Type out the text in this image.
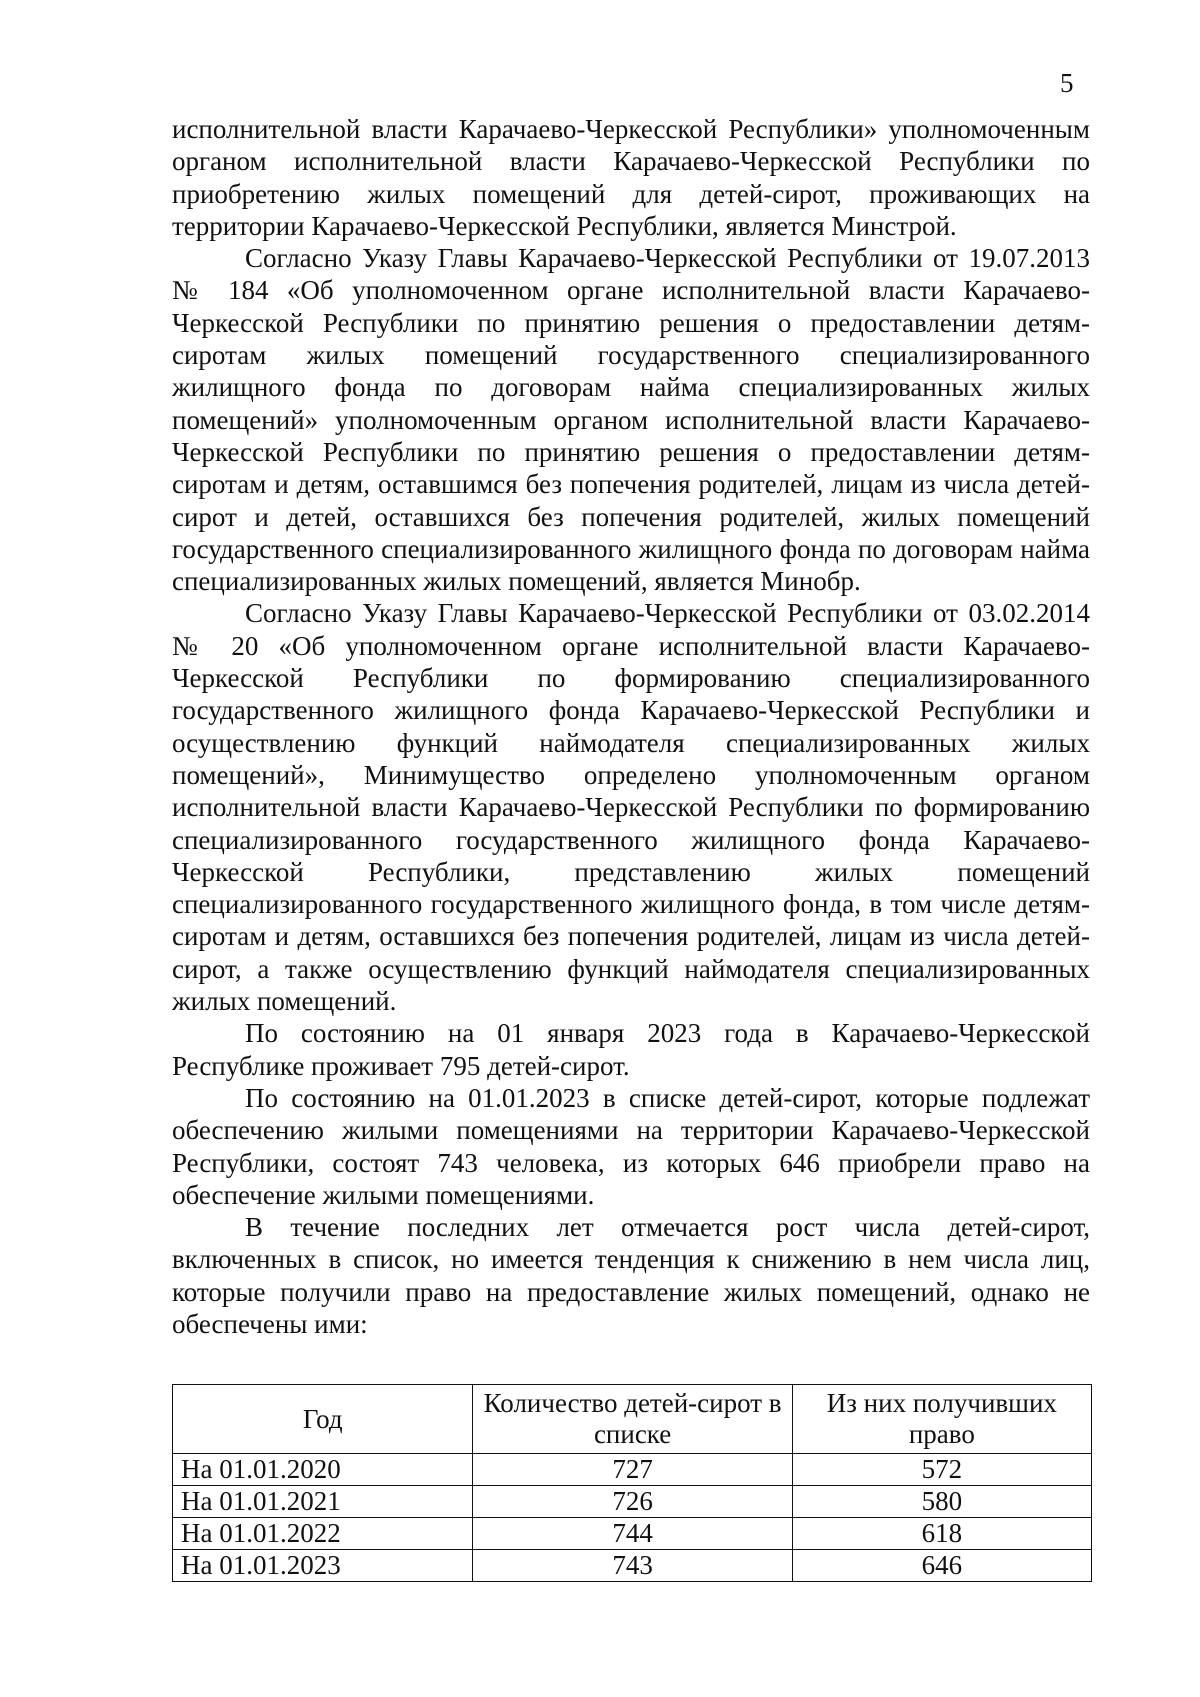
5

исполнительной власти Карачаево-Черкесской Республики» уполномоченным органом исполнительной власти Карачаево-Черкесской Республики по приобретению жилых помещений для детей-сирот, проживающих на территории Карачаево-Черкесской Республики, является Минстрой.

Согласно Указу Главы Карачаево-Черкесской Республики от 19.07.2013 № 184 «Об уполномоченном органе исполнительной власти Карачаево-Черкесской Республики по принятию решения о предоставлении детям-сиротам жилых помещений государственного специализированного жилищного фонда по договорам найма специализированных жилых помещений» уполномоченным органом исполнительной власти Карачаево-Черкесской Республики по принятию решения о предоставлении детям-сиротам и детям, оставшимся без попечения родителей, лицам из числа детей-сирот и детей, оставшихся без попечения родителей, жилых помещений государственного специализированного жилищного фонда по договорам найма специализированных жилых помещений, является Минобр.

Согласно Указу Главы Карачаево-Черкесской Республики от 03.02.2014 № 20 «Об уполномоченном органе исполнительной власти Карачаево-Черкесской Республики по формированию специализированного государственного жилищного фонда Карачаево-Черкесской Республики и осуществлению функций наймодателя специализированных жилых помещений», Минимущество определено уполномоченным органом исполнительной власти Карачаево-Черкесской Республики по формированию специализированного государственного жилищного фонда Карачаево-Черкесской Республики, представлению жилых помещений специализированного государственного жилищного фонда, в том числе детям-сиротам и детям, оставшихся без попечения родителей, лицам из числа детей-сирот, а также осуществлению функций наймодателя специализированных жилых помещений.

По состоянию на 01 января 2023 года в Карачаево-Черкесской Республике проживает 795 детей-сирот.

По состоянию на 01.01.2023 в списке детей-сирот, которые подлежат обеспечению жилыми помещениями на территории Карачаево-Черкесской Республики, состоят 743 человека, из которых 646 приобрели право на обеспечение жилыми помещениями.

В течение последних лет отмечается рост числа детей-сирот, включенных в список, но имеется тенденция к снижению в нем числа лиц, которые получили право на предоставление жилых помещений, однако не обеспечены ими:

Год	Количество детей-сирот в списке	Из них получивших право
На 01.01.2020	727	572
На 01.01.2021	726	580
На 01.01.2022	744	618
На 01.01.2023	743	646
